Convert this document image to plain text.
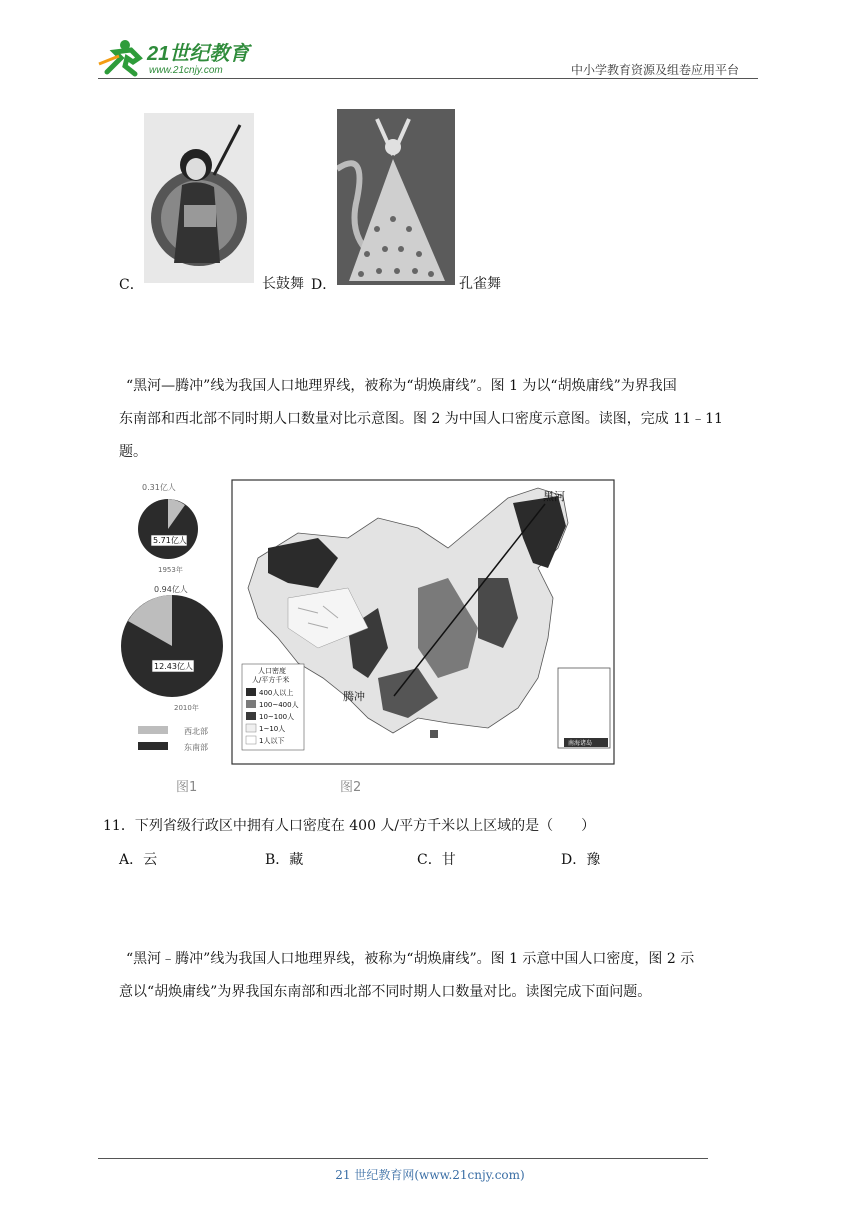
21世纪教育
www.21cnjy.com	中小学教育资源及组卷应用平台
C．	长鼓舞 D．	孔雀舞
“黑河—腾冲”线为我国人口地理界线，被称为“胡焕庸线”。图 1 为以“胡焕庸线”为界我国
东南部和西北部不同时期人口数量对比示意图。图 2 为中国人口密度示意图。读图，完成 11﹣11
题。
0.31亿人
5.71亿人
1953年
0.94亿人
12.43亿人
2010年
西北部
东南部
图1
南海诸岛
黑河
腾冲
人口密度
人/平方千米
400人以上
100~400人
10~100人
1~10人
1人以下
图2
11．下列省级行政区中拥有人口密度在 400 人/平方千米以上区域的是（　　）
A．云	B．藏	C．甘	D．豫
“黑河﹣腾冲”线为我国人口地理界线，被称为“胡焕庸线”。图 1 示意中国人口密度，图 2 示
意以“胡焕庸线”为界我国东南部和西北部不同时期人口数量对比。读图完成下面问题。
21 世纪教育网(www.21cnjy.com)
